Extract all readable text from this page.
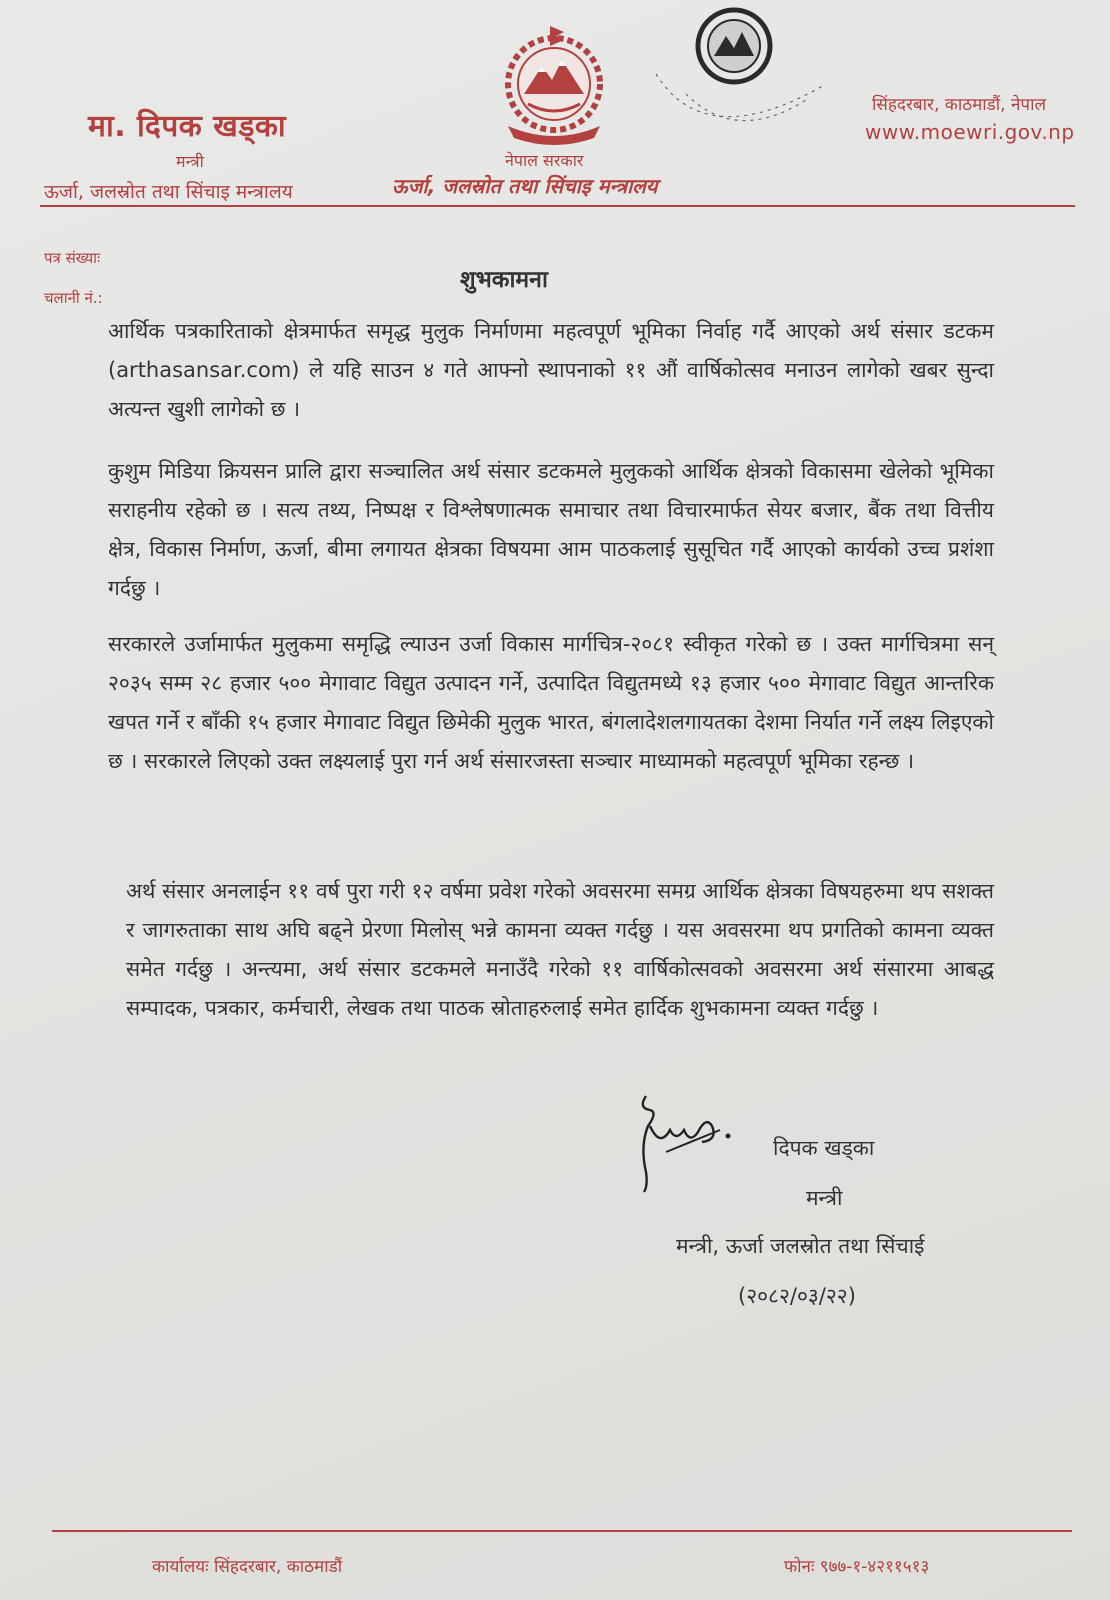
मा. दिपक खड्का
मन्त्री
ऊर्जा, जलस्रोत तथा सिंचाइ मन्त्रालय
नेपाल सरकार
ऊर्जा, जलस्रोत तथा सिंचाइ मन्त्रालय
सिंहदरबार, काठमाडौं, नेपाल
www.moewri.gov.np
पत्र संख्याः
चलानी नं.:
शुभकामना
आर्थिक पत्रकारिताको क्षेत्रमार्फत समृद्ध मुलुक निर्माणमा महत्वपूर्ण भूमिका निर्वाह गर्दै आएको अर्थ संसार डटकम (arthasansar.com) ले यहि साउन ४ गते आफ्नो स्थापनाको ११ औं वार्षिकोत्सव मनाउन लागेको खबर सुन्दा अत्यन्त खुशी लागेको छ ।
कुशुम मिडिया क्रियसन प्रालि द्वारा सञ्चालित अर्थ संसार डटकमले मुलुकको आर्थिक क्षेत्रको विकासमा खेलेको भूमिका सराहनीय रहेको छ । सत्य तथ्य, निष्पक्ष र विश्लेषणात्मक समाचार तथा विचारमार्फत सेयर बजार, बैंक तथा वित्तीय क्षेत्र, विकास निर्माण, ऊर्जा, बीमा लगायत क्षेत्रका विषयमा आम पाठकलाई सुसूचित गर्दै आएको कार्यको उच्च प्रशंशा गर्दछु ।
सरकारले उर्जामार्फत मुलुकमा समृद्धि ल्याउन उर्जा विकास मार्गचित्र-२०८१ स्वीकृत गरेको छ । उक्त मार्गचित्रमा सन् २०३५ सम्म २८ हजार ५०० मेगावाट विद्युत उत्पादन गर्ने, उत्पादित विद्युतमध्ये १३ हजार ५०० मेगावाट विद्युत आन्तरिक खपत गर्ने र बाँकी १५ हजार मेगावाट विद्युत छिमेकी मुलुक भारत, बंगलादेशलगायतका देशमा निर्यात गर्ने लक्ष्य लिइएको छ । सरकारले लिएको उक्त लक्ष्यलाई पुरा गर्न अर्थ संसारजस्ता सञ्चार माध्यामको महत्वपूर्ण भूमिका रहन्छ ।
अर्थ संसार अनलाईन ११ वर्ष पुरा गरी १२ वर्षमा प्रवेश गरेको अवसरमा समग्र आर्थिक क्षेत्रका विषयहरुमा थप सशक्त र जागरुताका साथ अघि बढ्ने प्रेरणा मिलोस् भन्ने कामना व्यक्त गर्दछु । यस अवसरमा थप प्रगतिको कामना व्यक्त समेत गर्दछु । अन्त्यमा, अर्थ संसार डटकमले मनाउँदै गरेको ११ वार्षिकोत्सवको अवसरमा अर्थ संसारमा आबद्ध सम्पादक, पत्रकार, कर्मचारी, लेखक तथा पाठक स्रोताहरुलाई समेत हार्दिक शुभकामना व्यक्त गर्दछु ।
दिपक खड्का
मन्त्री
मन्त्री, ऊर्जा जलस्रोत तथा सिंचाई
(२०८२/०३/२२)
कार्यालयः सिंहदरबार, काठमाडौं	फोनः ९७७-१-४२११५१३
